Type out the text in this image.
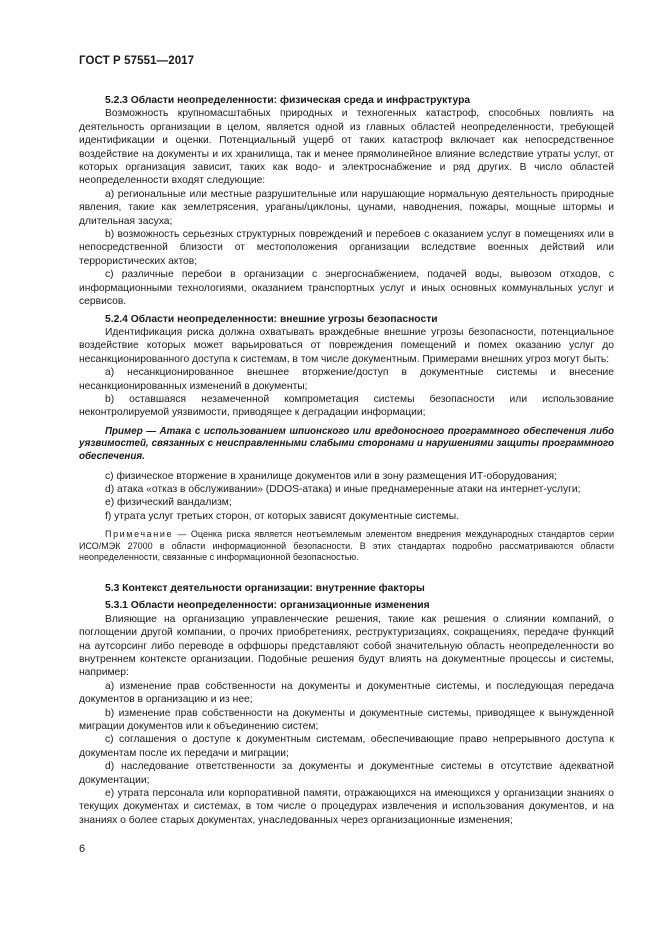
ГОСТ Р 57551—2017

5.2.3 Области неопределенности: физическая среда и инфраструктура

Возможность крупномасштабных природных и техногенных катастроф, способных повлиять на деятельность организации в целом, является одной из главных областей неопределенности, требующей идентификации и оценки. Потенциальный ущерб от таких катастроф включает как непосредственное воздействие на документы и их хранилища, так и менее прямолинейное влияние вследствие утраты услуг, от которых организация зависит, таких как водо- и электроснабжение и ряд других. В число областей неопределенности входят следующие:

a) региональные или местные разрушительные или нарушающие нормальную деятельность природные явления, такие как землетрясения, ураганы/циклоны, цунами, наводнения, пожары, мощные штормы и длительная засуха;

b) возможность серьезных структурных повреждений и перебоев с оказанием услуг в помещениях или в непосредственной близости от местоположения организации вследствие военных действий или террористических актов;

c) различные перебои в организации с энергоснабжением, подачей воды, вывозом отходов, с информационными технологиями, оказанием транспортных услуг и иных основных коммунальных услуг и сервисов.

5.2.4 Области неопределенности: внешние угрозы безопасности

Идентификация риска должна охватывать враждебные внешние угрозы безопасности, потенциальное воздействие которых может варьироваться от повреждения помещений и помех оказанию услуг до несанкционированного доступа к системам, в том числе документным. Примерами внешних угроз могут быть:

a) несанкционированное внешнее вторжение/доступ в документные системы и внесение несанкционированных изменений в документы;

b) оставшаяся незамеченной компрометация системы безопасности или использование неконтролируемой уязвимости, приводящее к деградации информации;

Пример — Атака с использованием шпионского или вредоносного программного обеспечения либо уязвимостей, связанных с неисправленными слабыми сторонами и нарушениями защиты программного обеспечения.

c) физическое вторжение в хранилище документов или в зону размещения ИТ-оборудования;

d) атака «отказ в обслуживании» (DDOS-атака) и иные преднамеренные атаки на интернет-услуги;

e) физический вандализм;

f) утрата услуг третьих сторон, от которых зависят документные системы.

Примечание — Оценка риска является неотъемлемым элементом внедрения международных стандартов серии ИСО/МЭК 27000 в области информационной безопасности. В этих стандартах подробно рассматриваются области неопределенности, связанные с информационной безопасностью.

5.3 Контекст деятельности организации: внутренние факторы

5.3.1 Области неопределенности: организационные изменения

Влияющие на организацию управленческие решения, такие как решения о слиянии компаний, о поглощении другой компании, о прочих приобретениях, реструктуризациях, сокращениях, передаче функций на аутсорсинг либо переводе в оффшоры представляют собой значительную область неопределенности во внутреннем контексте организации. Подобные решения будут влиять на документные процессы и системы, например:

a) изменение прав собственности на документы и документные системы, и последующая передача документов в организацию и из нее;

b) изменение прав собственности на документы и документные системы, приводящее к вынужденной миграции документов или к объединению систем;

c) соглашения о доступе к документным системам, обеспечивающие право непрерывного доступа к документам после их передачи и миграции;

d) наследование ответственности за документы и документные системы в отсутствие адекватной документации;

e) утрата персонала или корпоративной памяти, отражающихся на имеющихся у организации знаниях о текущих документах и системах, в том числе о процедурах извлечения и использования документов, и на знаниях о более старых документах, унаследованных через организационные изменения;

6
